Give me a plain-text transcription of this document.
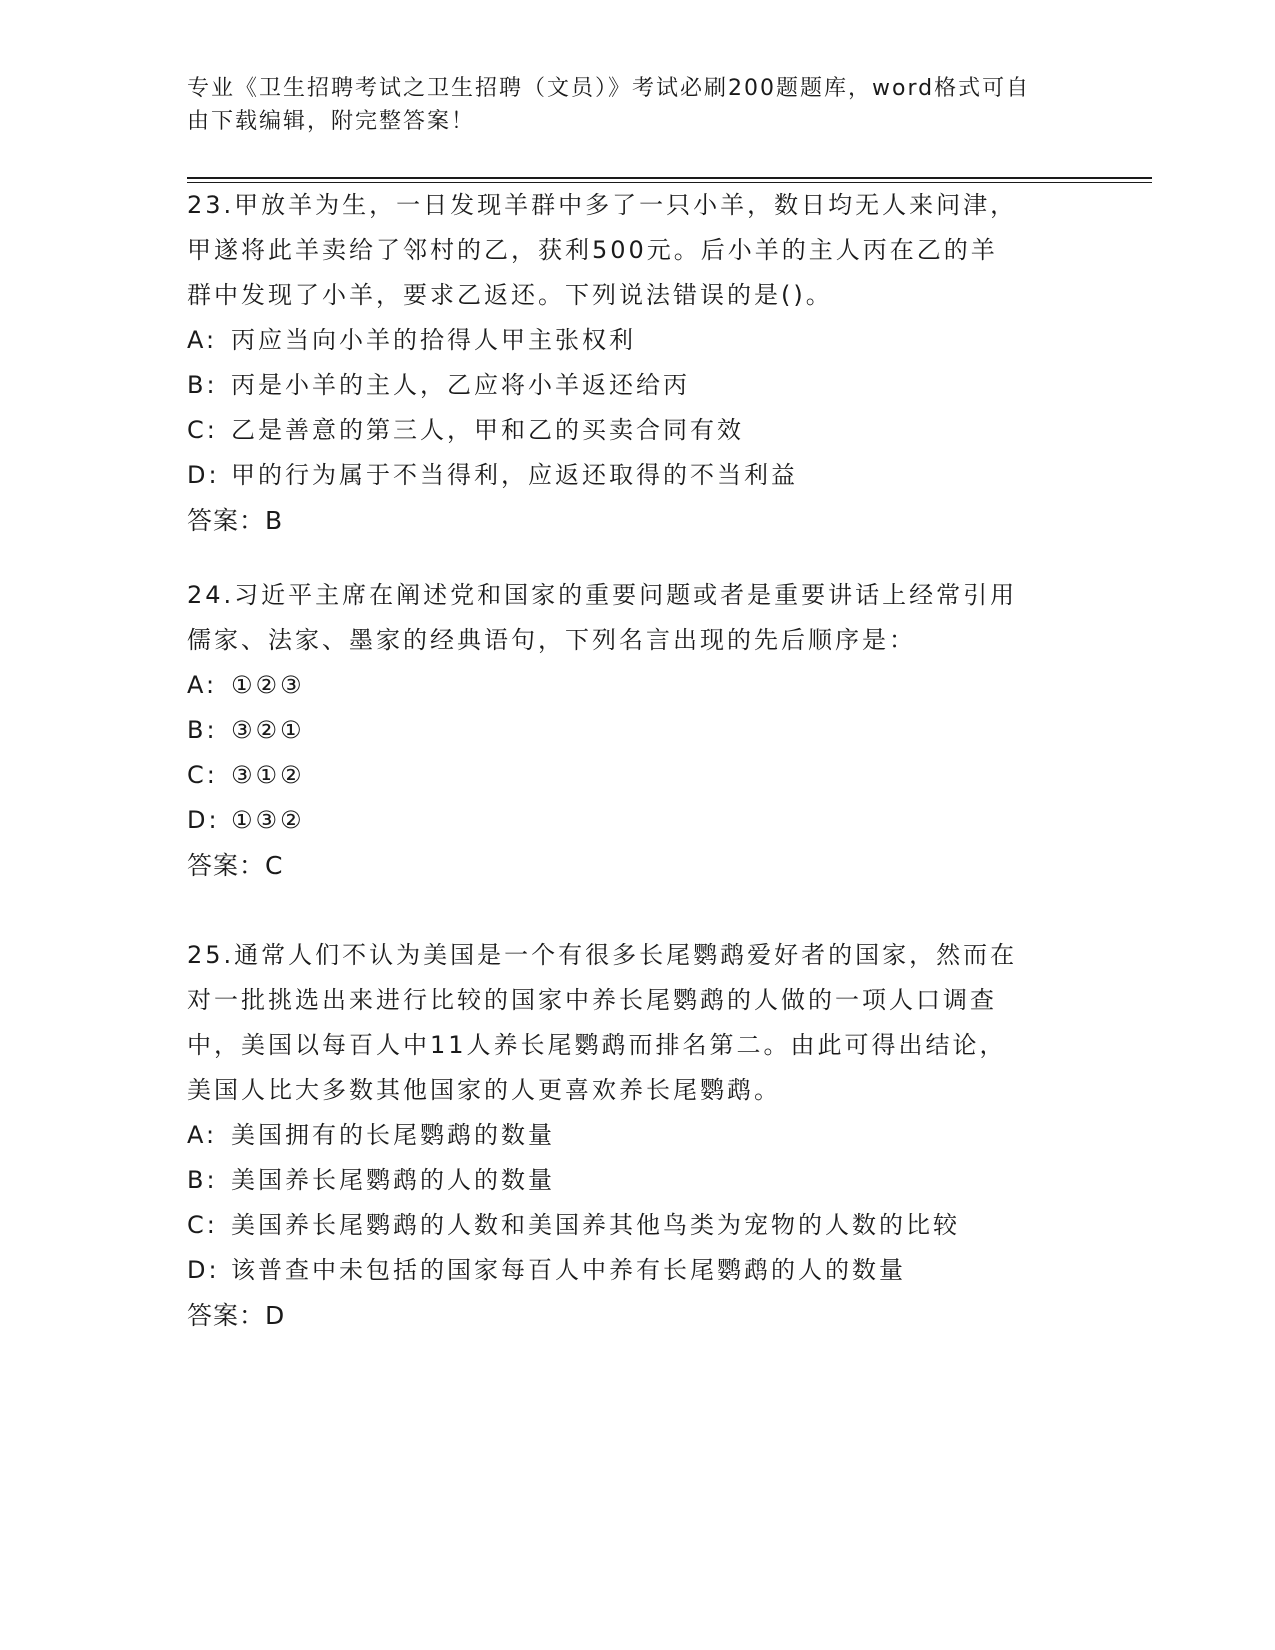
专业《卫生招聘考试之卫生招聘（文员）》考试必刷200题题库，word格式可自
由下载编辑，附完整答案！

23.甲放羊为生，一日发现羊群中多了一只小羊，数日均无人来问津，

甲遂将此羊卖给了邻村的乙，获利500元。后小羊的主人丙在乙的羊

群中发现了小羊，要求乙返还。下列说法错误的是()。

A: 丙应当向小羊的拾得人甲主张权利

B: 丙是小羊的主人，乙应将小羊返还给丙

C: 乙是善意的第三人，甲和乙的买卖合同有效

D: 甲的行为属于不当得利，应返还取得的不当利益

答案：B

24.习近平主席在阐述党和国家的重要问题或者是重要讲话上经常引用

儒家、法家、墨家的经典语句，下列名言出现的先后顺序是：

A: ①②③

B: ③②①

C: ③①②

D: ①③②

答案：C

25.通常人们不认为美国是一个有很多长尾鹦鹉爱好者的国家，然而在

对一批挑选出来进行比较的国家中养长尾鹦鹉的人做的一项人口调查

中，美国以每百人中11人养长尾鹦鹉而排名第二。由此可得出结论，

美国人比大多数其他国家的人更喜欢养长尾鹦鹉。

A: 美国拥有的长尾鹦鹉的数量

B: 美国养长尾鹦鹉的人的数量

C: 美国养长尾鹦鹉的人数和美国养其他鸟类为宠物的人数的比较

D: 该普查中未包括的国家每百人中养有长尾鹦鹉的人的数量

答案：D
